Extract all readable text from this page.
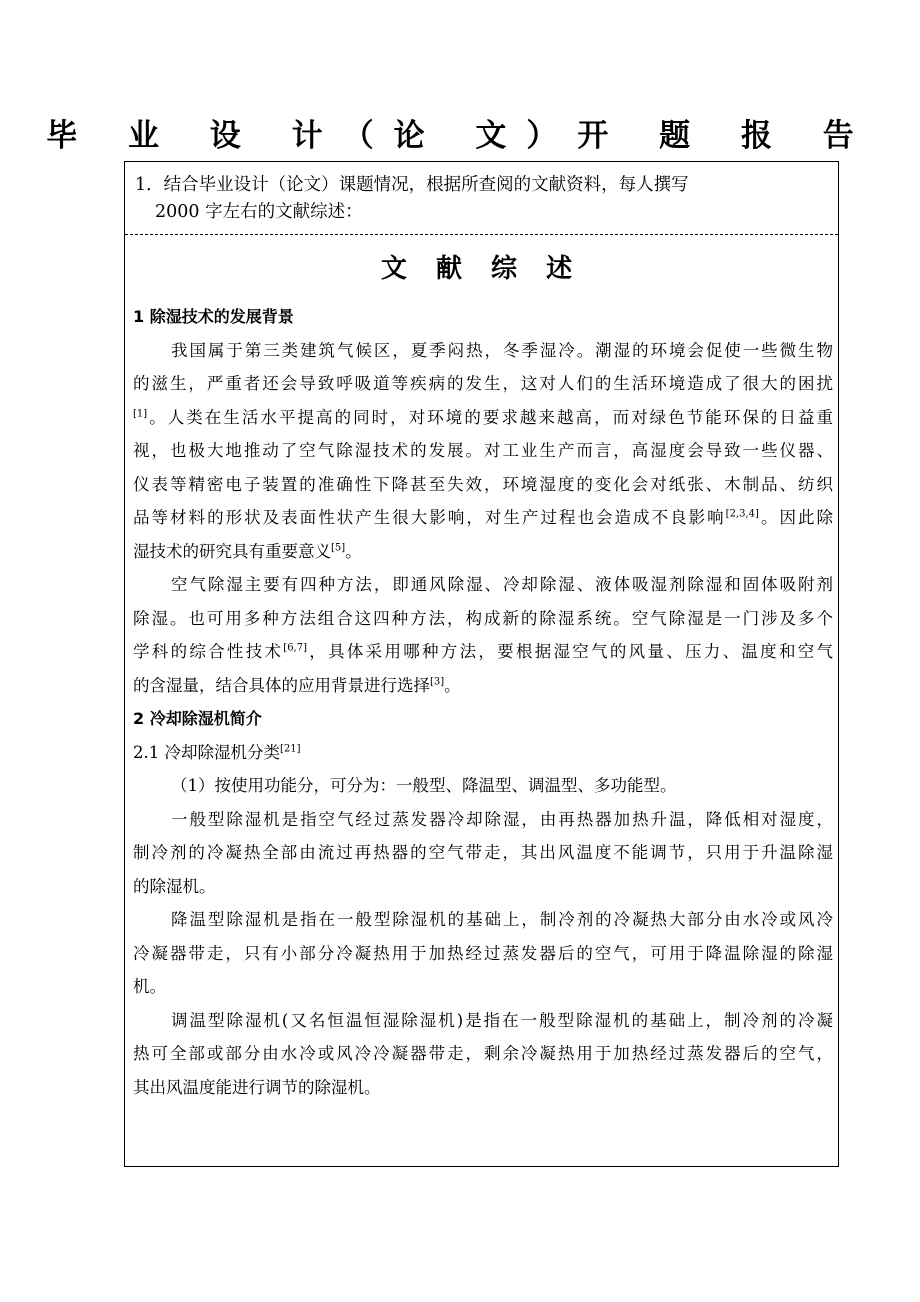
毕 业 设 计（论 文）开 题 报 告
1．结合毕业设计（论文）课题情况，根据所查阅的文献资料，每人撰写
2000 字左右的文献综述：
文 献 综 述
1 除湿技术的发展背景
我国属于第三类建筑气候区，夏季闷热，冬季湿冷。潮湿的环境会促使一些微生物
的滋生，严重者还会导致呼吸道等疾病的发生，这对人们的生活环境造成了很大的困扰
[1]。人类在生活水平提高的同时，对环境的要求越来越高，而对绿色节能环保的日益重
视，也极大地推动了空气除湿技术的发展。对工业生产而言，高湿度会导致一些仪器、
仪表等精密电子装置的准确性下降甚至失效，环境湿度的变化会对纸张、木制品、纺织
品等材料的形状及表面性状产生很大影响，对生产过程也会造成不良影响[2,3,4]。因此除
湿技术的研究具有重要意义[5]。
空气除湿主要有四种方法，即通风除湿、冷却除湿、液体吸湿剂除湿和固体吸附剂
除湿。也可用多种方法组合这四种方法，构成新的除湿系统。空气除湿是一门涉及多个
学科的综合性技术[6,7]，具体采用哪种方法，要根据湿空气的风量、压力、温度和空气
的含湿量，结合具体的应用背景进行选择[3]。
2 冷却除湿机简介
2.1 冷却除湿机分类[21]
（1）按使用功能分，可分为：一般型、降温型、调温型、多功能型。
一般型除湿机是指空气经过蒸发器冷却除湿，由再热器加热升温，降低相对湿度，
制冷剂的冷凝热全部由流过再热器的空气带走，其出风温度不能调节，只用于升温除湿
的除湿机。
降温型除湿机是指在一般型除湿机的基础上，制冷剂的冷凝热大部分由水冷或风冷
冷凝器带走，只有小部分冷凝热用于加热经过蒸发器后的空气，可用于降温除湿的除湿
机。
调温型除湿机(又名恒温恒湿除湿机)是指在一般型除湿机的基础上，制冷剂的冷凝
热可全部或部分由水冷或风冷冷凝器带走，剩余冷凝热用于加热经过蒸发器后的空气，
其出风温度能进行调节的除湿机。
